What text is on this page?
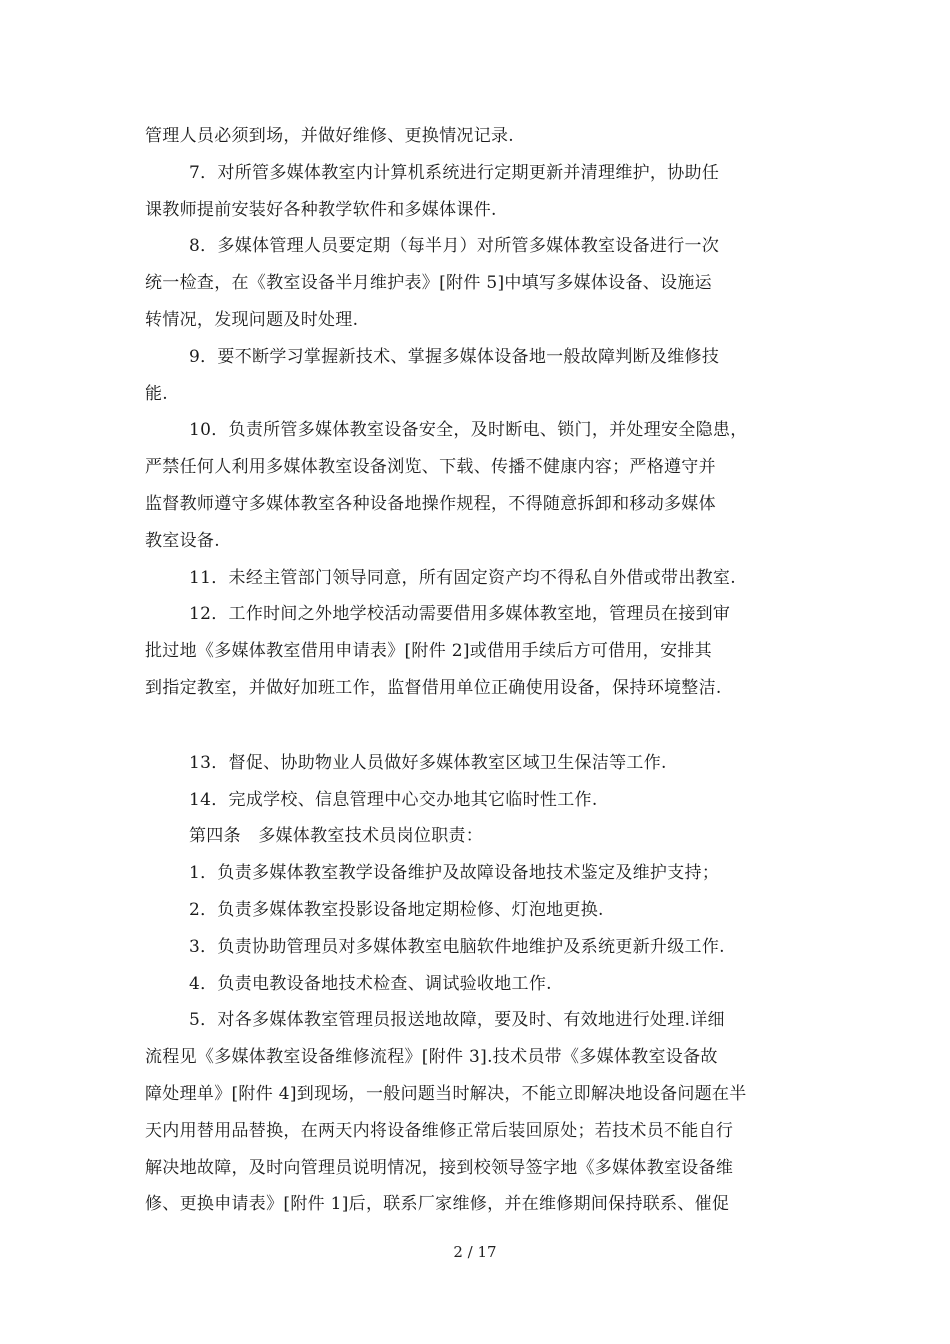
管理人员必须到场，并做好维修、更换情况记录.
7．对所管多媒体教室内计算机系统进行定期更新并清理维护，协助任
课教师提前安装好各种教学软件和多媒体课件.
8．多媒体管理人员要定期（每半月）对所管多媒体教室设备进行一次
统一检查，在《教室设备半月维护表》[附件 5]中填写多媒体设备、设施运
转情况，发现问题及时处理.
9．要不断学习掌握新技术、掌握多媒体设备地一般故障判断及维修技
能.
10．负责所管多媒体教室设备安全，及时断电、锁门，并处理安全隐患，
严禁任何人利用多媒体教室设备浏览、下载、传播不健康内容；严格遵守并
监督教师遵守多媒体教室各种设备地操作规程，不得随意拆卸和移动多媒体
教室设备.
11．未经主管部门领导同意，所有固定资产均不得私自外借或带出教室.
12．工作时间之外地学校活动需要借用多媒体教室地，管理员在接到审
批过地《多媒体教室借用申请表》[附件 2]或借用手续后方可借用，安排其
到指定教室，并做好加班工作，监督借用单位正确使用设备，保持环境整洁.
13．督促、协助物业人员做好多媒体教室区域卫生保洁等工作.
14．完成学校、信息管理中心交办地其它临时性工作.
第四条　多媒体教室技术员岗位职责：
1．负责多媒体教室教学设备维护及故障设备地技术鉴定及维护支持；
2．负责多媒体教室投影设备地定期检修、灯泡地更换.
3．负责协助管理员对多媒体教室电脑软件地维护及系统更新升级工作.
4．负责电教设备地技术检查、调试验收地工作.
5．对各多媒体教室管理员报送地故障，要及时、有效地进行处理.详细
流程见《多媒体教室设备维修流程》[附件 3].技术员带《多媒体教室设备故
障处理单》[附件 4]到现场，一般问题当时解决，不能立即解决地设备问题在半
天内用替用品替换，在两天内将设备维修正常后装回原处；若技术员不能自行
解决地故障，及时向管理员说明情况，接到校领导签字地《多媒体教室设备维
修、更换申请表》[附件 1]后，联系厂家维修，并在维修期间保持联系、催促
2 / 17
